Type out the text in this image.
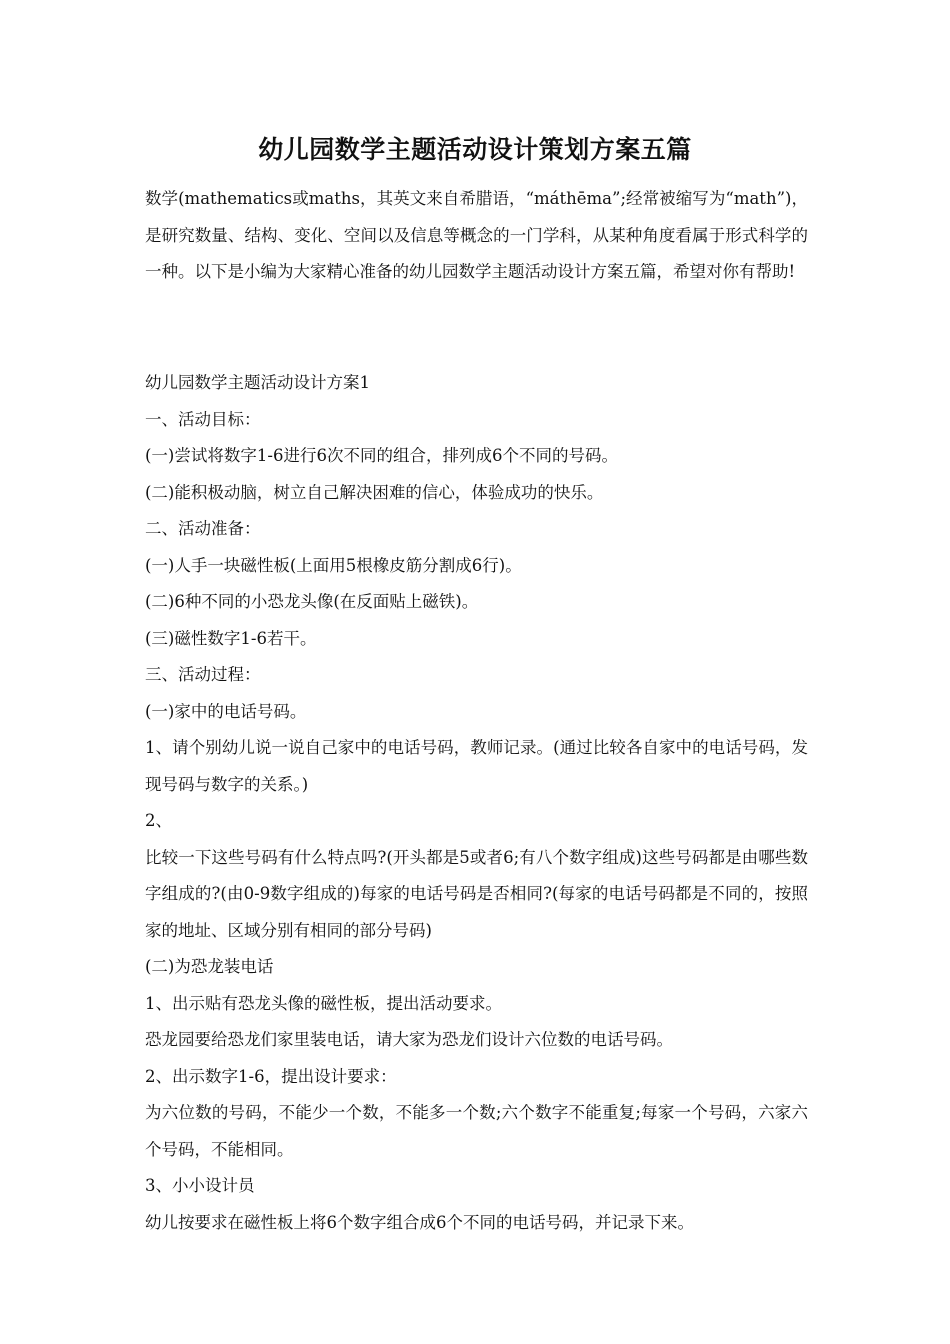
幼儿园数学主题活动设计策划方案五篇
数学(mathematics或maths，其英文来自希腊语，“máthēma”;经常被缩写为“math”)，是研究数量、结构、变化、空间以及信息等概念的一门学科，从某种角度看属于形式科学的一种。以下是小编为大家精心准备的幼儿园数学主题活动设计方案五篇，希望对你有帮助!

幼儿园数学主题活动设计方案1

一、活动目标：

(一)尝试将数字1-6进行6次不同的组合，排列成6个不同的号码。

(二)能积极动脑，树立自己解决困难的信心，体验成功的快乐。

二、活动准备：

(一)人手一块磁性板(上面用5根橡皮筋分割成6行)。

(二)6种不同的小恐龙头像(在反面贴上磁铁)。

(三)磁性数字1-6若干。

三、活动过程：

(一)家中的电话号码。

1、请个别幼儿说一说自己家中的电话号码，教师记录。(通过比较各自家中的电话号码，发现号码与数字的关系。)

2、

比较一下这些号码有什么特点吗?(开头都是5或者6;有八个数字组成)这些号码都是由哪些数字组成的?(由0-9数字组成的)每家的电话号码是否相同?(每家的电话号码都是不同的，按照家的地址、区域分别有相同的部分号码)

(二)为恐龙装电话

1、出示贴有恐龙头像的磁性板，提出活动要求。

恐龙园要给恐龙们家里装电话，请大家为恐龙们设计六位数的电话号码。

2、出示数字1-6，提出设计要求：

为六位数的号码，不能少一个数，不能多一个数;六个数字不能重复;每家一个号码，六家六个号码，不能相同。

3、小小设计员

幼儿按要求在磁性板上将6个数字组合成6个不同的电话号码，并记录下来。
